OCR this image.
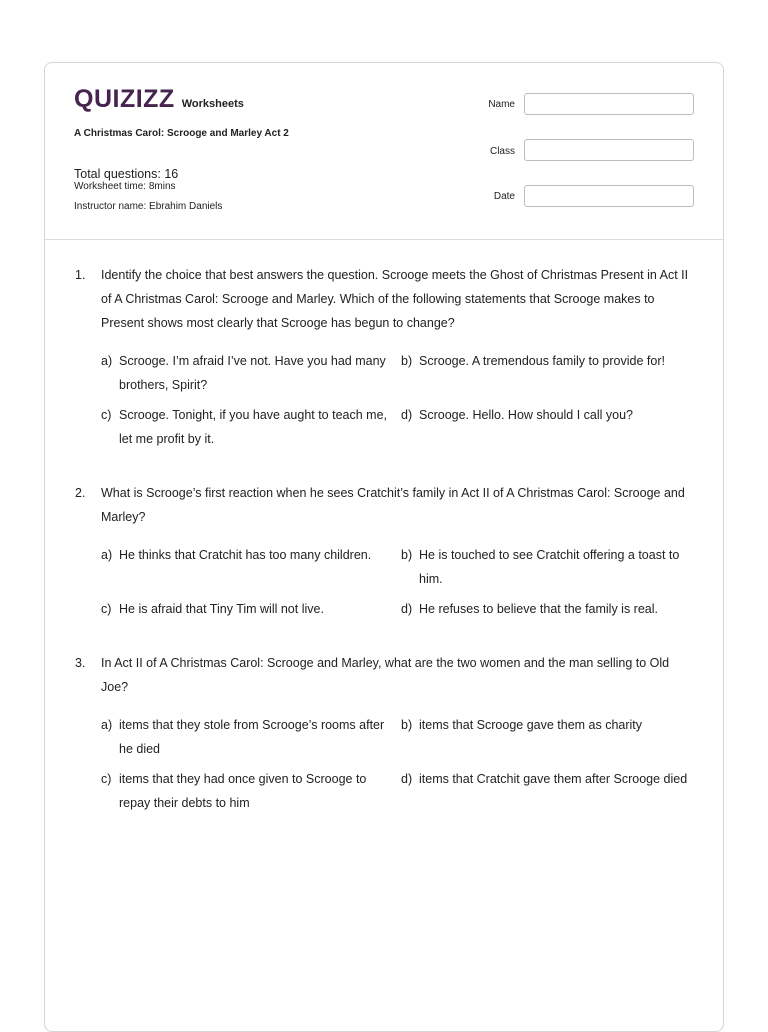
QUIZIZZ Worksheets
A Christmas Carol: Scrooge and Marley Act 2
Total questions: 16
Worksheet time: 8mins
Instructor name: Ebrahim Daniels
Name
Class
Date
1.	Identify the choice that best answers the question. Scrooge meets the Ghost of Christmas Present in Act II of A Christmas Carol: Scrooge and Marley. Which of the following statements that Scrooge makes to Present shows most clearly that Scrooge has begun to change?
a) Scrooge. I’m afraid I’ve not. Have you had many brothers, Spirit?
b) Scrooge. A tremendous family to provide for!
c) Scrooge. Tonight, if you have aught to teach me, let me profit by it.
d) Scrooge. Hello. How should I call you?
2.	What is Scrooge’s first reaction when he sees Cratchit’s family in Act II of A Christmas Carol: Scrooge and Marley?
a) He thinks that Cratchit has too many children.	b) He is touched to see Cratchit offering a toast to him.
c) He is afraid that Tiny Tim will not live.	d) He refuses to believe that the family is real.
3.	In Act II of A Christmas Carol: Scrooge and Marley, what are the two women and the man selling to Old Joe?
a) items that they stole from Scrooge’s rooms after he died
b) items that Scrooge gave them as charity
c) items that they had once given to Scrooge to repay their debts to him
d) items that Cratchit gave them after Scrooge died
